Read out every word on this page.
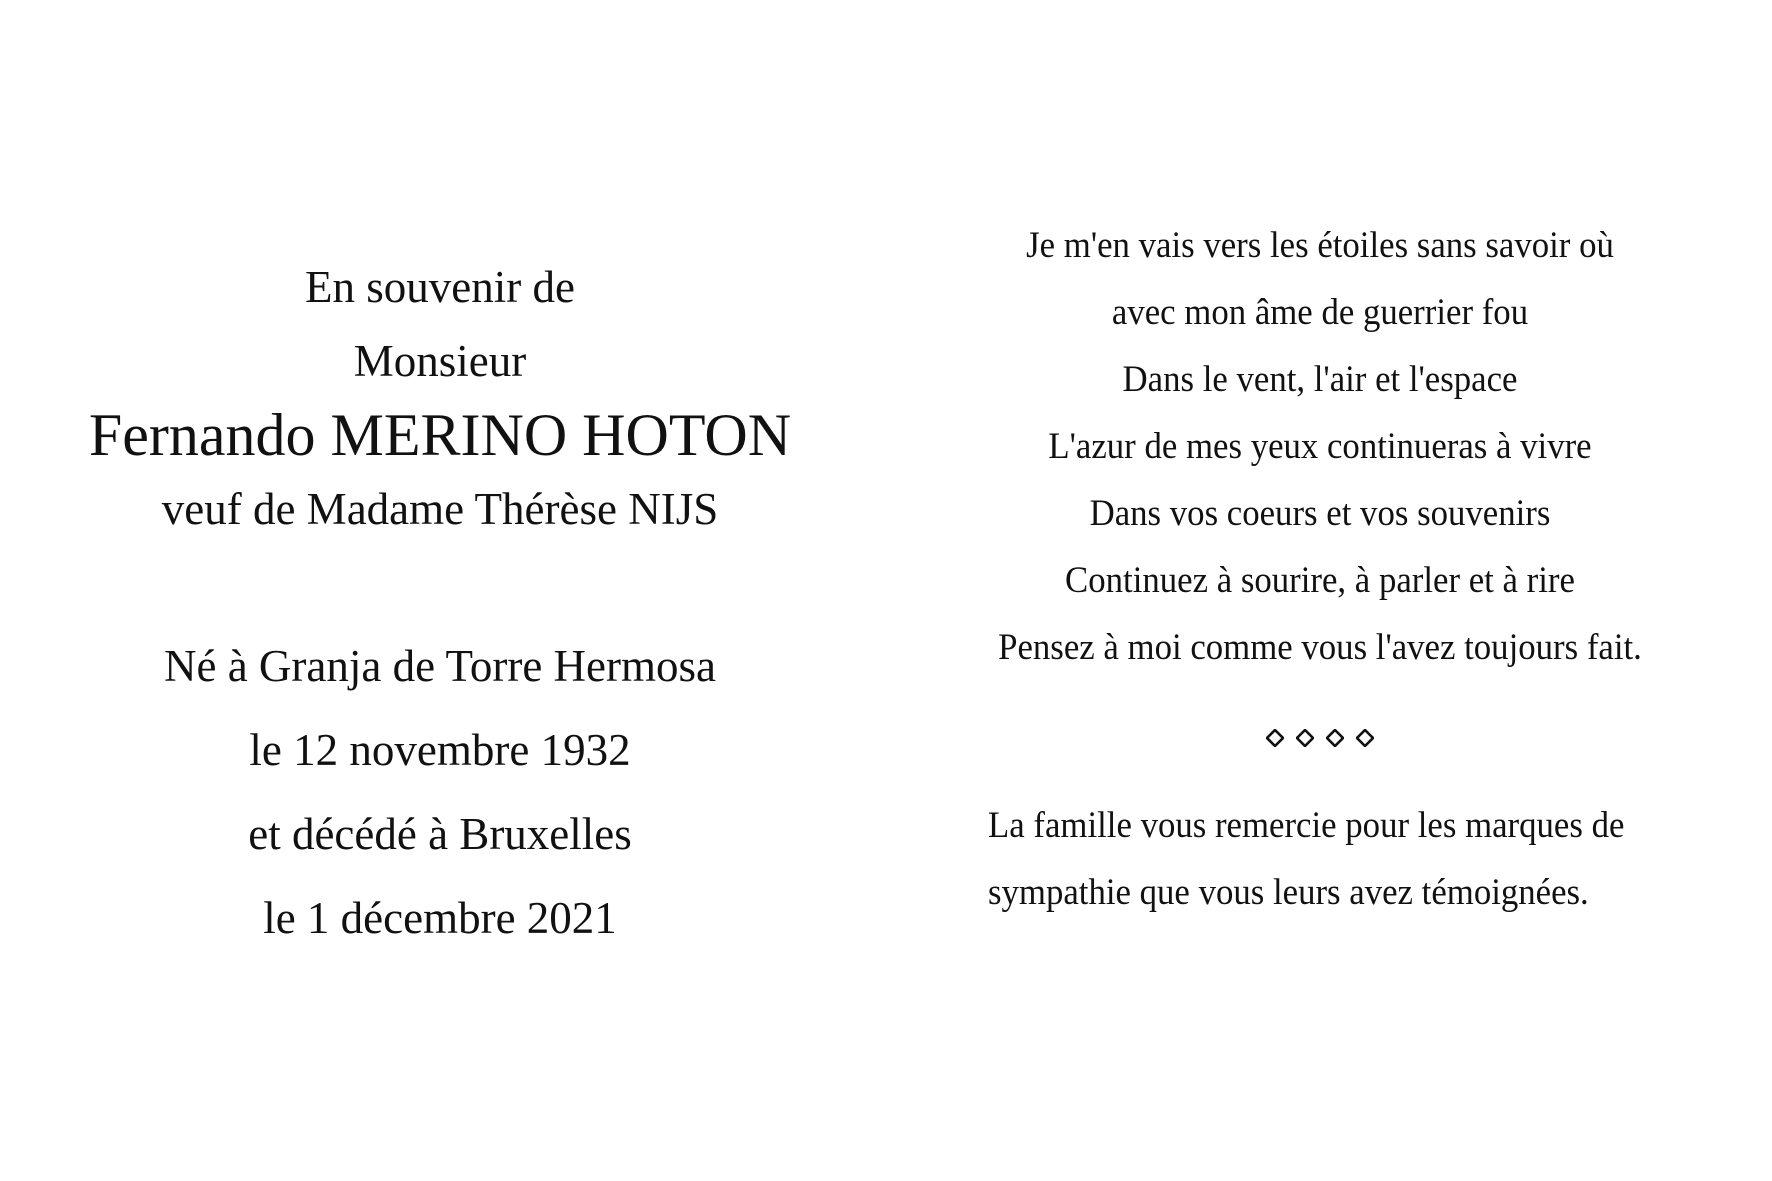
En souvenir de
Monsieur
Fernando MERINO HOTON
veuf de Madame Thérèse NIJS
Né à Granja de Torre Hermosa
le 12 novembre 1932
et décédé à Bruxelles
le 1 décembre 2021
Je m'en vais vers les étoiles sans savoir où
avec mon âme de guerrier fou
Dans le vent, l'air et l'espace
L'azur de mes yeux continueras à vivre
Dans vos coeurs et vos souvenirs
Continuez à sourire, à parler et à rire
Pensez à moi comme vous l'avez toujours fait.
La famille vous remercie pour les marques de
sympathie que vous leurs avez témoignées.
